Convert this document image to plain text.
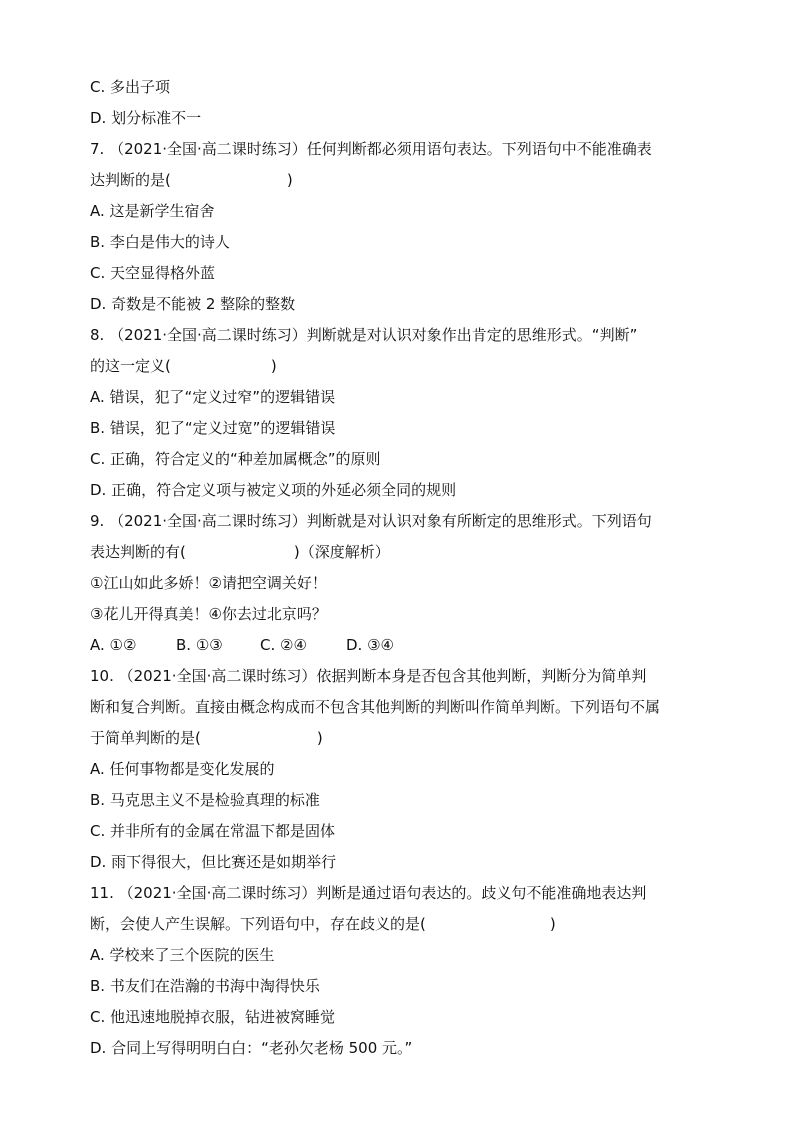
C. 多出子项
D. 划分标准不一
7. （2021·全国·高二课时练习）任何判断都必须用语句表达。下列语句中不能准确表
达判断的是(	)
A. 这是新学生宿舍
B. 李白是伟大的诗人
C. 天空显得格外蓝
D. 奇数是不能被 2 整除的整数
8. （2021·全国·高二课时练习）判断就是对认识对象作出肯定的思维形式。“判断”
的这一定义(	)
A. 错误，犯了“定义过窄”的逻辑错误
B. 错误，犯了“定义过宽”的逻辑错误
C. 正确，符合定义的“种差加属概念”的原则
D. 正确，符合定义项与被定义项的外延必须全同的规则
9. （2021·全国·高二课时练习）判断就是对认识对象有所断定的思维形式。下列语句
表达判断的有(	)（深度解析）
①江山如此多娇！②请把空调关好！
③花儿开得真美！④你去过北京吗？
A. ①②	B. ①③ C. ②④	D. ③④
10. （2021·全国·高二课时练习）依据判断本身是否包含其他判断，判断分为简单判
断和复合判断。直接由概念构成而不包含其他判断的判断叫作简单判断。下列语句不属
于简单判断的是(	)
A. 任何事物都是变化发展的
B. 马克思主义不是检验真理的标准
C. 并非所有的金属在常温下都是固体
D. 雨下得很大，但比赛还是如期举行
11. （2021·全国·高二课时练习）判断是通过语句表达的。歧义句不能准确地表达判
断，会使人产生误解。下列语句中，存在歧义的是(	)
A. 学校来了三个医院的医生
B. 书友们在浩瀚的书海中淘得快乐
C. 他迅速地脱掉衣服，钻进被窝睡觉
D. 合同上写得明明白白：“老孙欠老杨 500 元。”
